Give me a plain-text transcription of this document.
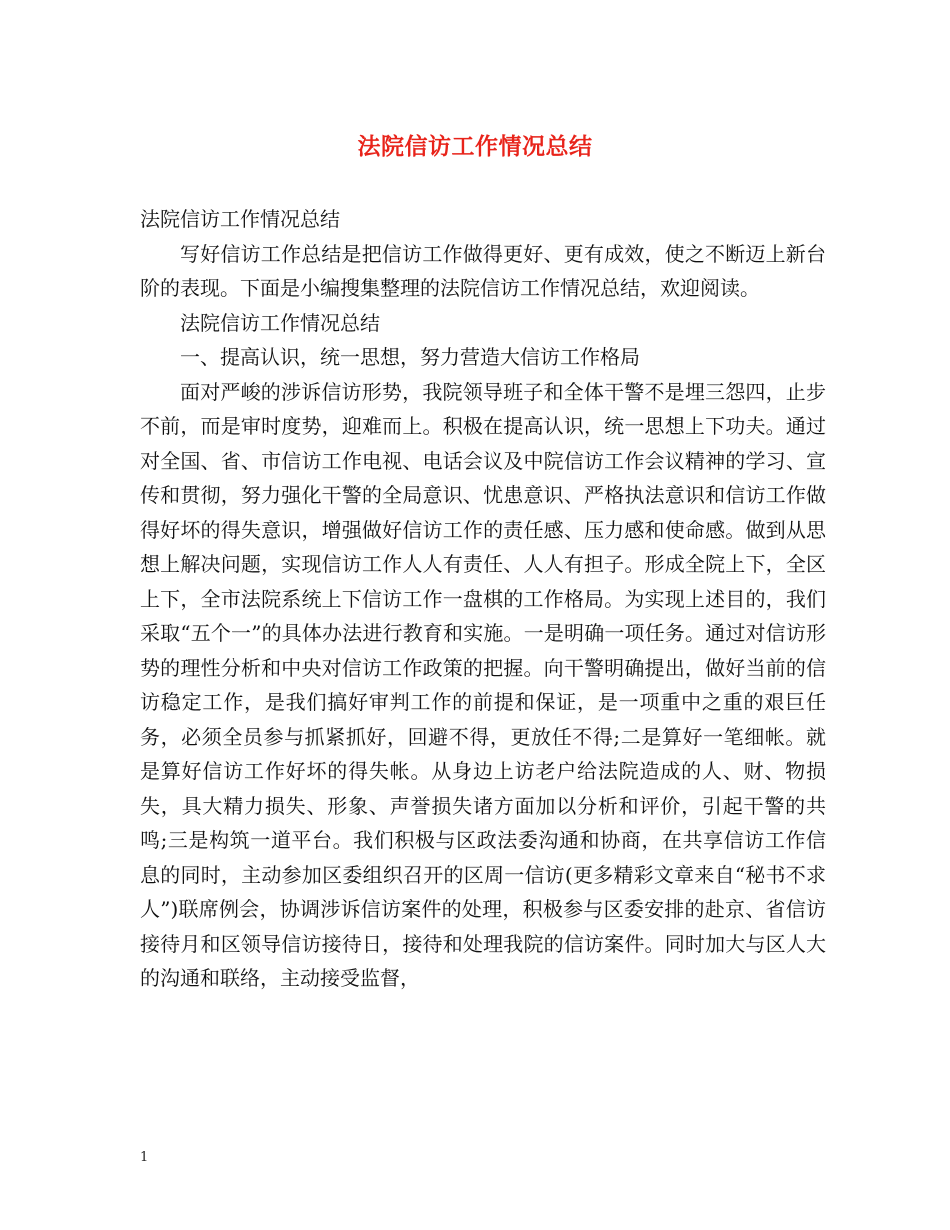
法院信访工作情况总结

法院信访工作情况总结

写好信访工作总结是把信访工作做得更好、更有成效，使之不断迈上新台阶的表现。下面是小编搜集整理的法院信访工作情况总结，欢迎阅读。

法院信访工作情况总结

一、提高认识，统一思想，努力营造大信访工作格局

面对严峻的涉诉信访形势，我院领导班子和全体干警不是埋三怨四，止步不前，而是审时度势，迎难而上。积极在提高认识，统一思想上下功夫。通过对全国、省、市信访工作电视、电话会议及中院信访工作会议精神的学习、宣传和贯彻，努力强化干警的全局意识、忧患意识、严格执法意识和信访工作做得好坏的得失意识，增强做好信访工作的责任感、压力感和使命感。做到从思想上解决问题，实现信访工作人人有责任、人人有担子。形成全院上下，全区上下，全市法院系统上下信访工作一盘棋的工作格局。为实现上述目的，我们采取“五个一”的具体办法进行教育和实施。一是明确一项任务。通过对信访形势的理性分析和中央对信访工作政策的把握。向干警明确提出，做好当前的信访稳定工作，是我们搞好审判工作的前提和保证，是一项重中之重的艰巨任务，必须全员参与抓紧抓好，回避不得，更放任不得;二是算好一笔细帐。就是算好信访工作好坏的得失帐。从身边上访老户给法院造成的人、财、物损失，具大精力损失、形象、声誉损失诸方面加以分析和评价，引起干警的共鸣;三是构筑一道平台。我们积极与区政法委沟通和协商，在共享信访工作信息的同时，主动参加区委组织召开的区周一信访(更多精彩文章来自“秘书不求人”)联席例会，协调涉诉信访案件的处理，积极参与区委安排的赴京、省信访接待月和区领导信访接待日，接待和处理我院的信访案件。同时加大与区人大的沟通和联络，主动接受监督，

1
